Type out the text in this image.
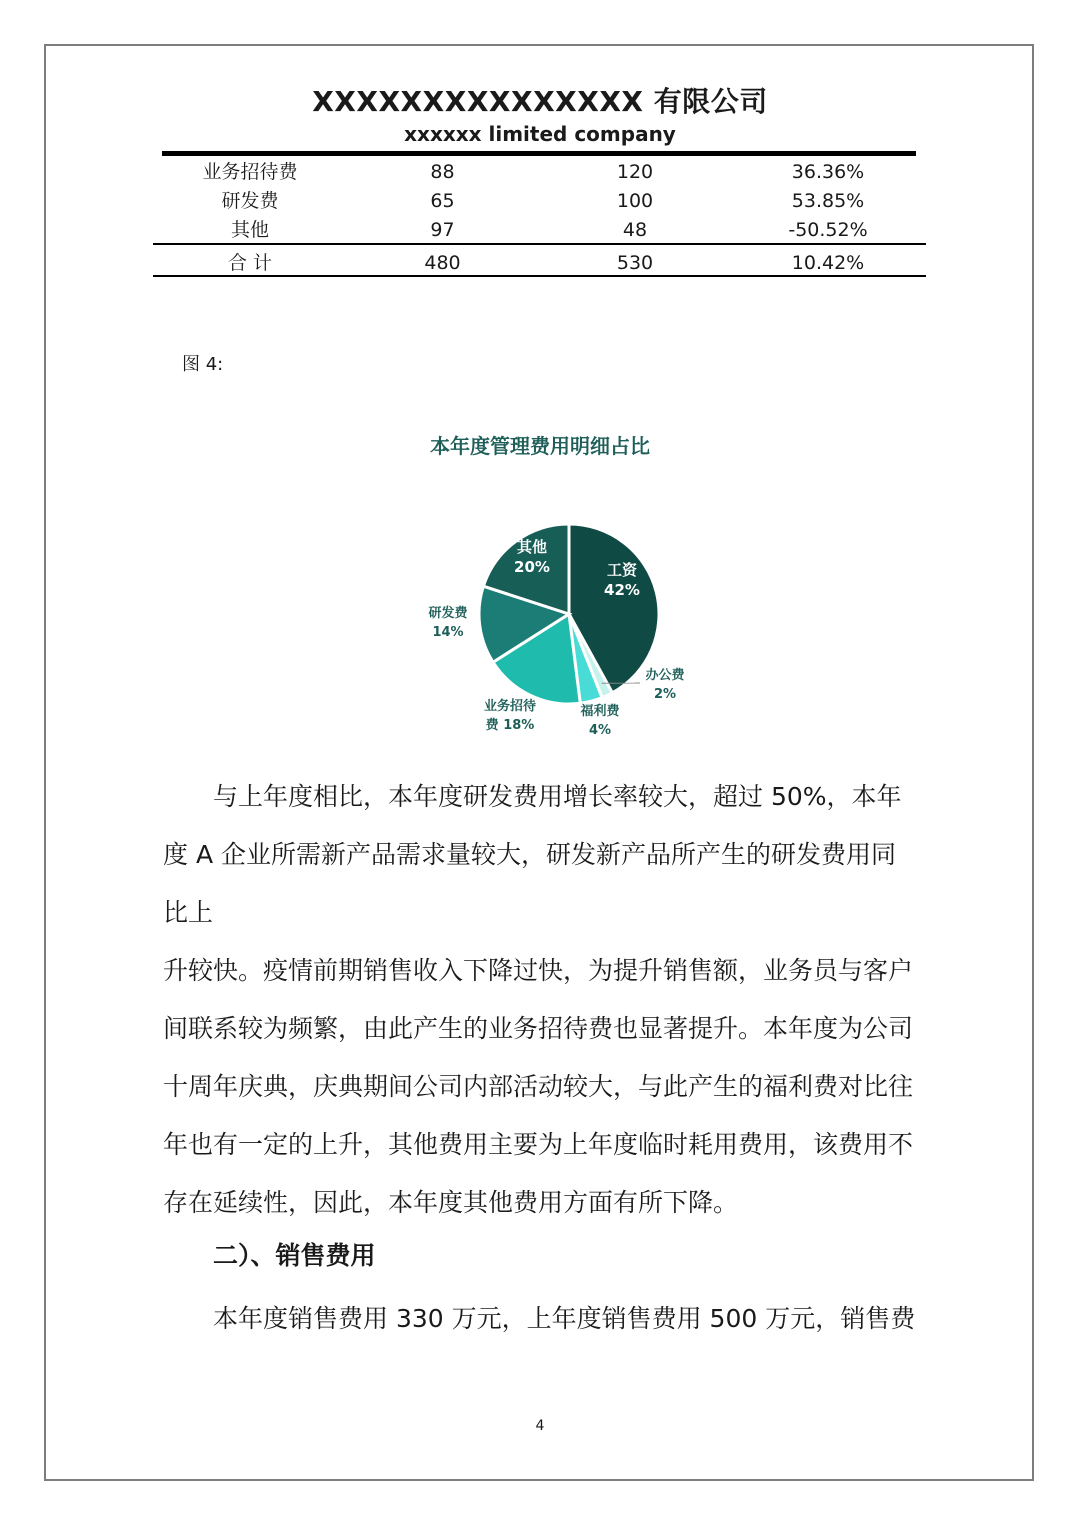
XXXXXXXXXXXXXXX 有限公司
xxxxxx limited company
业务招待费	88	120	36.36%
研发费	65	100	53.85%
其他	97	48	-50.52%
合 计	480	530	10.42%
图 4:
本年度管理费用明细占比
工资 42%
办公费 2%
福利费 4%
业务招待费 18%
研发费 14%
其他 20%

与上年度相比，本年度研发费用增长率较大，超过 50%，本年

度 A 企业所需新产品需求量较大，研发新产品所产生的研发费用同

比上

升较快。疫情前期销售收入下降过快，为提升销售额，业务员与客户

间联系较为频繁，由此产生的业务招待费也显著提升。本年度为公司

十周年庆典，庆典期间公司内部活动较大，与此产生的福利费对比往

年也有一定的上升，其他费用主要为上年度临时耗用费用，该费用不

存在延续性，因此，本年度其他费用方面有所下降。

二）、销售费用

本年度销售费用 330 万元，上年度销售费用 500 万元，销售费

4
